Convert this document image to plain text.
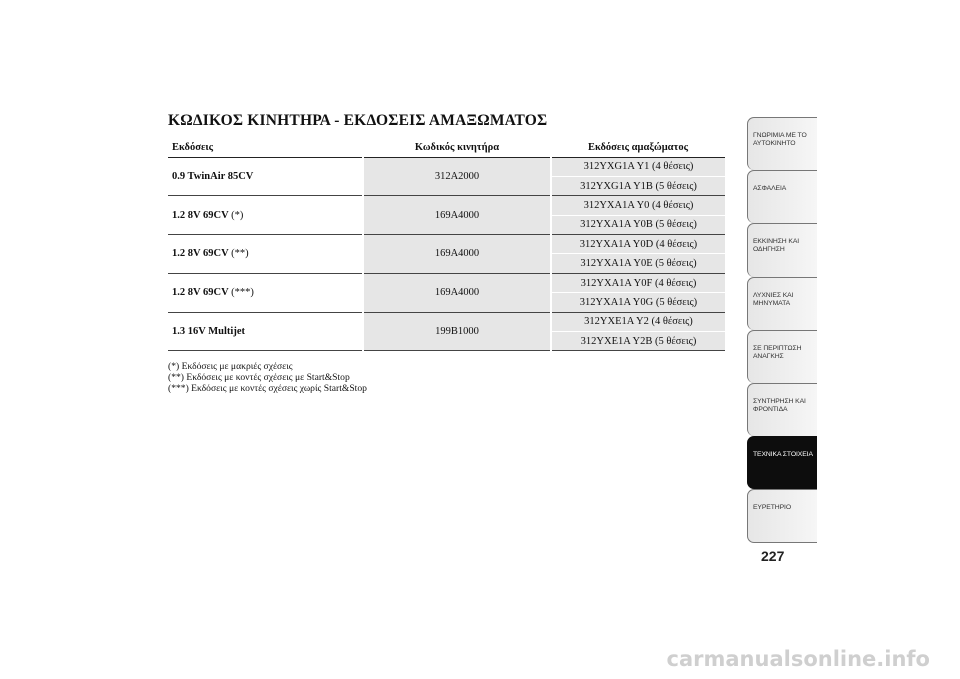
ΚΩΔΙΚΟΣ ΚΙΝΗΤΗΡΑ - ΕΚΔΟΣΕΙΣ ΑΜΑΞΩΜΑΤΟΣ
Εκδόσεις	Κωδικός κινητήρα	Εκδόσεις αμαξώματος
0.9 TwinAir 85CV	312A2000	312YXG1A Y1 (4 θέσεις)
		312YXG1A Y1B (5 θέσεις)
1.2 8V 69CV (*)	169A4000	312YXA1A Y0 (4 θέσεις)
		312YXA1A Y0B (5 θέσεις)
1.2 8V 69CV (**)	169A4000	312YXA1A Y0D (4 θέσεις)
		312YXA1A Y0E (5 θέσεις)
1.2 8V 69CV (***)	169A4000	312YXA1A Y0F (4 θέσεις)
		312YXA1A Y0G (5 θέσεις)
1.3 16V Multijet	199B1000	312YXE1A Y2 (4 θέσεις)
		312YXE1A Y2B (5 θέσεις)
(*) Εκδόσεις με μακριές σχέσεις
(**) Εκδόσεις με κοντές σχέσεις με Start&Stop
(***) Εκδόσεις με κοντές σχέσεις χωρίς Start&Stop
ΓΝΩΡΙΜΙΑ ΜΕ ΤΟ ΑΥΤΟΚΙΝΗΤΟ
ΑΣΦΑΛΕΙΑ
ΕΚΚΙΝΗΣΗ ΚΑΙ ΟΔΗΓΗΣΗ
ΛΥΧΝΙΕΣ ΚΑΙ ΜΗΝΥΜΑΤΑ
ΣΕ ΠΕΡΙΠΤΩΣΗ ΑΝΑΓΚΗΣ
ΣΥΝΤΗΡΗΣΗ ΚΑΙ ΦΡΟΝΤΙΔΑ
ΤΕΧΝΙΚΑ ΣΤΟΙΧΕΙΑ
ΕΥΡΕΤΗΡΙΟ
227
carmanualsonline.info
